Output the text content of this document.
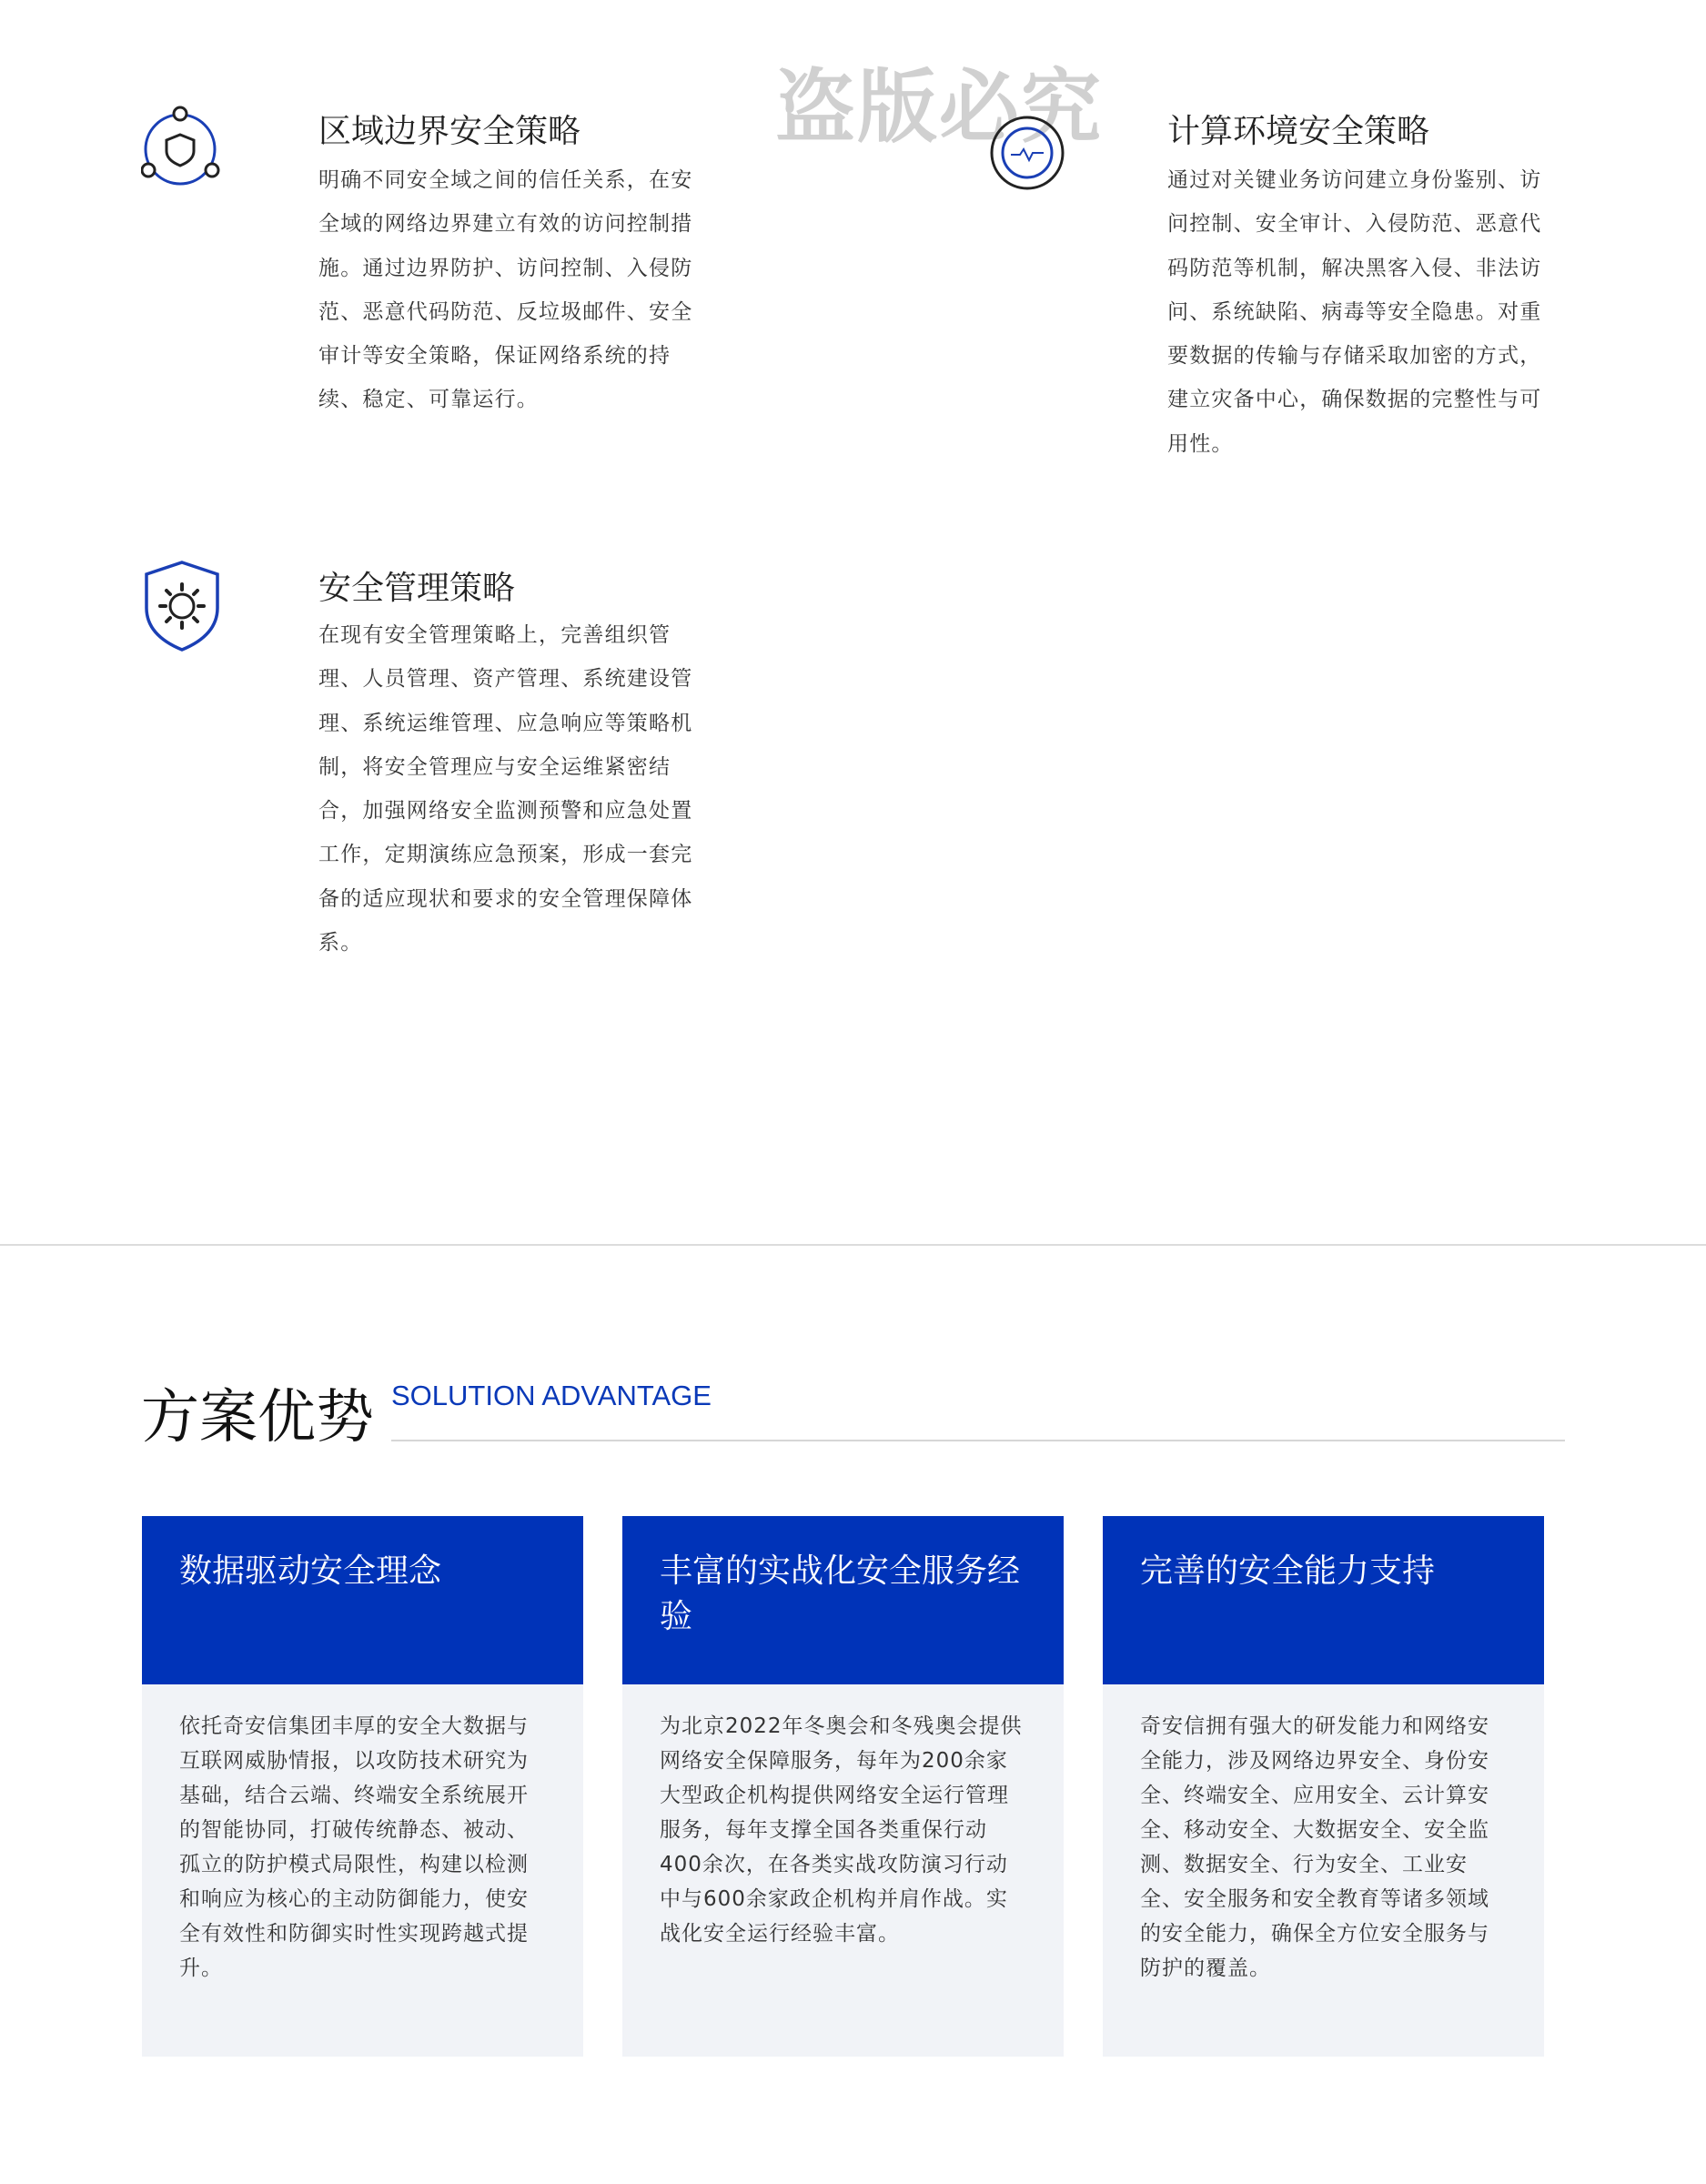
盗版必究
区域边界安全策略
明确不同安全域之间的信任关系，在安全域的网络边界建立有效的访问控制措施。通过边界防护、访问控制、入侵防范、恶意代码防范、反垃圾邮件、安全审计等安全策略，保证网络系统的持续、稳定、可靠运行。
计算环境安全策略
通过对关键业务访问建立身份鉴别、访问控制、安全审计、入侵防范、恶意代码防范等机制，解决黑客入侵、非法访问、系统缺陷、病毒等安全隐患。对重要数据的传输与存储采取加密的方式，建立灾备中心，确保数据的完整性与可用性。
安全管理策略
在现有安全管理策略上，完善组织管理、人员管理、资产管理、系统建设管理、系统运维管理、应急响应等策略机制，将安全管理应与安全运维紧密结合，加强网络安全监测预警和应急处置工作，定期演练应急预案，形成一套完备的适应现状和要求的安全管理保障体系。
方案优势 SOLUTION ADVANTAGE
数据驱动安全理念
依托奇安信集团丰厚的安全大数据与互联网威胁情报，以攻防技术研究为基础，结合云端、终端安全系统展开的智能协同，打破传统静态、被动、孤立的防护模式局限性，构建以检测和响应为核心的主动防御能力，使安全有效性和防御实时性实现跨越式提升。
丰富的实战化安全服务经验
为北京2022年冬奥会和冬残奥会提供网络安全保障服务，每年为200余家大型政企机构提供网络安全运行管理服务，每年支撑全国各类重保行动400余次，在各类实战攻防演习行动中与600余家政企机构并肩作战。实战化安全运行经验丰富。
完善的安全能力支持
奇安信拥有强大的研发能力和网络安全能力，涉及网络边界安全、身份安全、终端安全、应用安全、云计算安全、移动安全、大数据安全、安全监测、数据安全、行为安全、工业安全、安全服务和安全教育等诸多领域的安全能力，确保全方位安全服务与防护的覆盖。
